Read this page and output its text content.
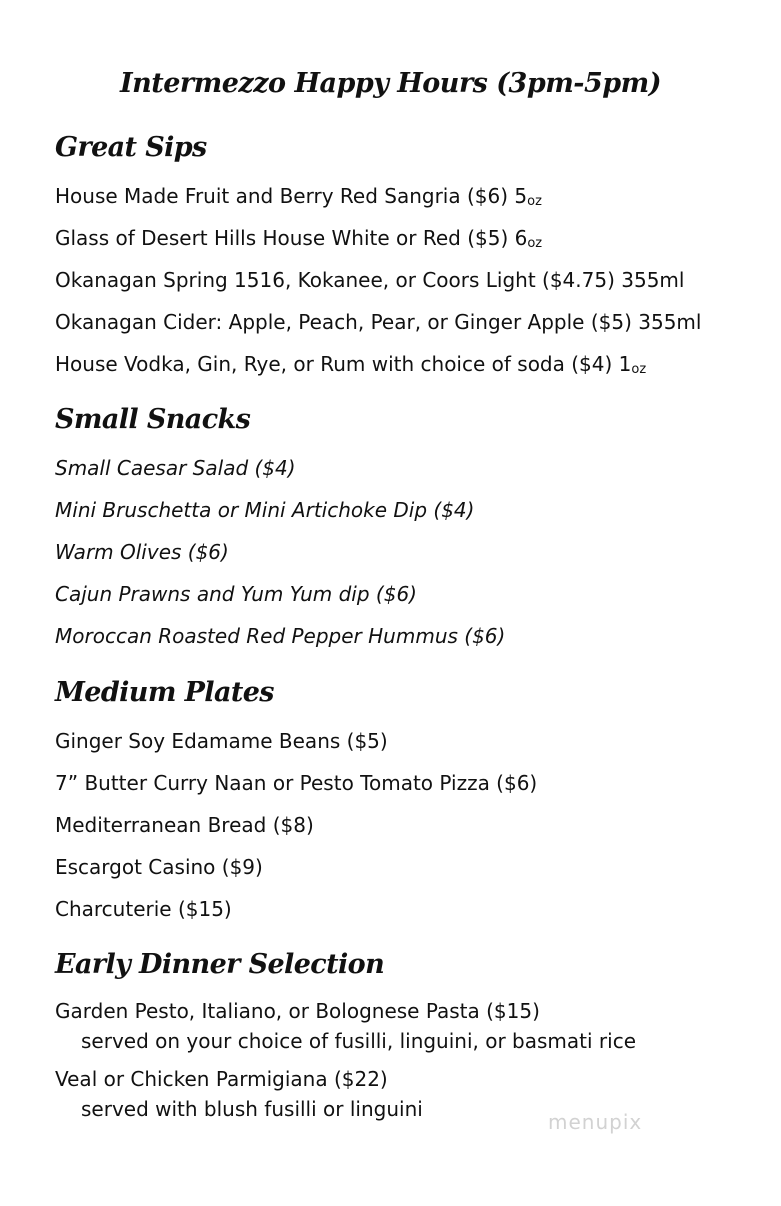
Intermezzo Happy Hours (3pm-5pm)
Great Sips
House Made Fruit and Berry Red Sangria ($6) 5oz
Glass of Desert Hills House White or Red ($5) 6oz
Okanagan Spring 1516, Kokanee, or Coors Light ($4.75) 355ml
Okanagan Cider: Apple, Peach, Pear, or Ginger Apple ($5) 355ml
House Vodka, Gin, Rye, or Rum with choice of soda ($4) 1oz
Small Snacks
Small Caesar Salad ($4)
Mini Bruschetta or Mini Artichoke Dip ($4)
Warm Olives ($6)
Cajun Prawns and Yum Yum dip ($6)
Moroccan Roasted Red Pepper Hummus ($6)
Medium Plates
Ginger Soy Edamame Beans ($5)
7” Butter Curry Naan or Pesto Tomato Pizza ($6)
Mediterranean Bread ($8)
Escargot Casino ($9)
Charcuterie ($15)
Early Dinner Selection
Garden Pesto, Italiano, or Bolognese Pasta ($15)
served on your choice of fusilli, linguini, or basmati rice
Veal or Chicken Parmigiana ($22)
served with blush fusilli or linguini
menupix
